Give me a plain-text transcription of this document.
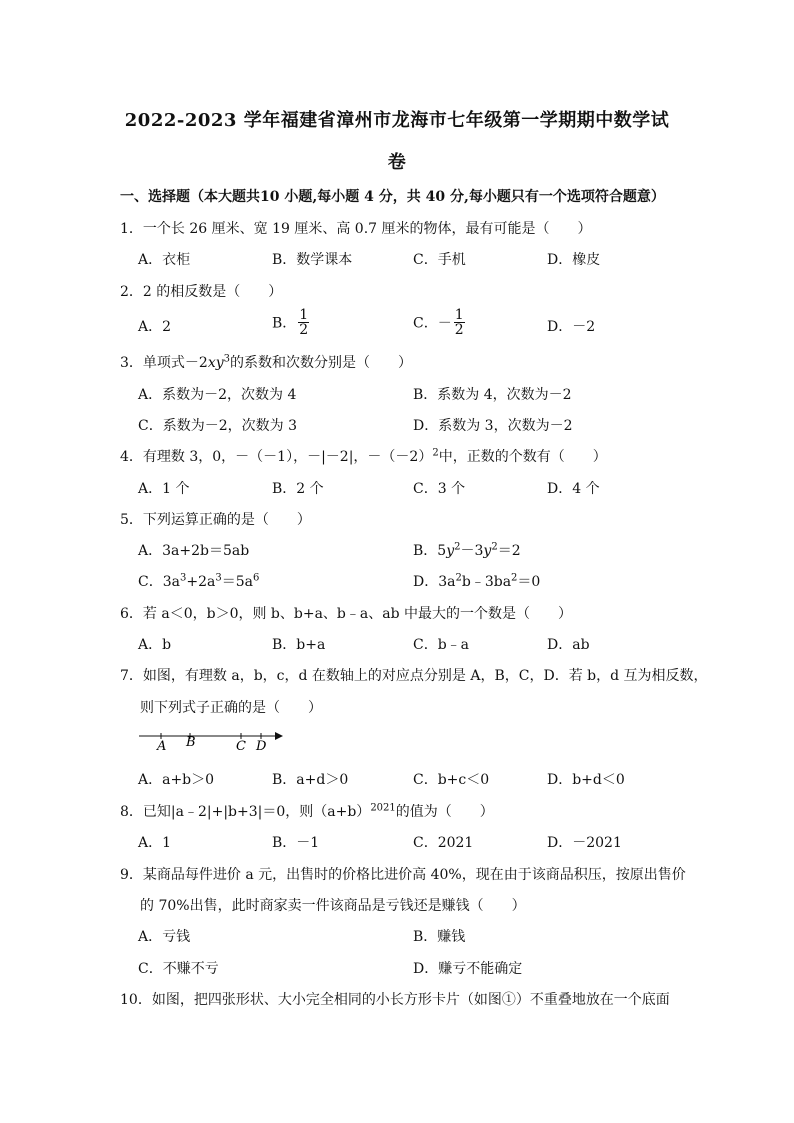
2022-2023 学年福建省漳州市龙海市七年级第一学期期中数学试
卷
一、选择题（本大题共10 小题,每小题 4 分，共 40 分,每小题只有一个选项符合题意）
1．一个长 26 厘米、宽 19 厘米、高 0.7 厘米的物体，最有可能是（　　）
A．衣柜	B．数学课本	C．手机	D．橡皮
2．2 的相反数是（　　）
A．2	B． $\frac{1}{2}$	C．－ $\frac{1}{2}$	D．－2
3．单项式$-2xy^3$的系数和次数分别是（　　）
A．系数为－2，次数为 4	B．系数为 4，次数为－2
C．系数为－2，次数为 3	D．系数为 3，次数为－2
4．有理数 3，0，－（－1），－|－2|，$-(-2)^2$中，正数的个数有（　　）
A．1 个	B．2 个	C．3 个	D．4 个
5．下列运算正确的是（　　）
A．3a+2b＝5ab	B．$5y^2-3y^2=2$
C．$3a^3+2a^3=5a^6$	D．$3a^2b﹣3ba^2=0$
6．若 a＜0，b＞0，则 b、b+a、b﹣a、ab 中最大的一个数是（　　）
A．b	B．b+a	C．b﹣a	D．ab
7．如图，有理数 a，b，c，d 在数轴上的对应点分别是 A，B，C，D．若 b，d 互为相反数，
则下列式子正确的是（　　）
A B	C D
A．a+b＞0	B．a+d＞0	C．b+c＜0	D．b+d＜0
8．已知|a﹣2|+|b+3|＝0，则$(a+b)^{2021}$的值为（　　）
A．1	B．－1	C．2021	D．－2021
9．某商品每件进价 a 元，出售时的价格比进价高 40%，现在由于该商品积压，按原出售价
的 70%出售，此时商家卖一件该商品是亏钱还是赚钱（　　）
A．亏钱	B．赚钱
C．不赚不亏	D．赚亏不能确定
10．如图，把四张形状、大小完全相同的小长方形卡片（如图①）不重叠地放在一个底面
